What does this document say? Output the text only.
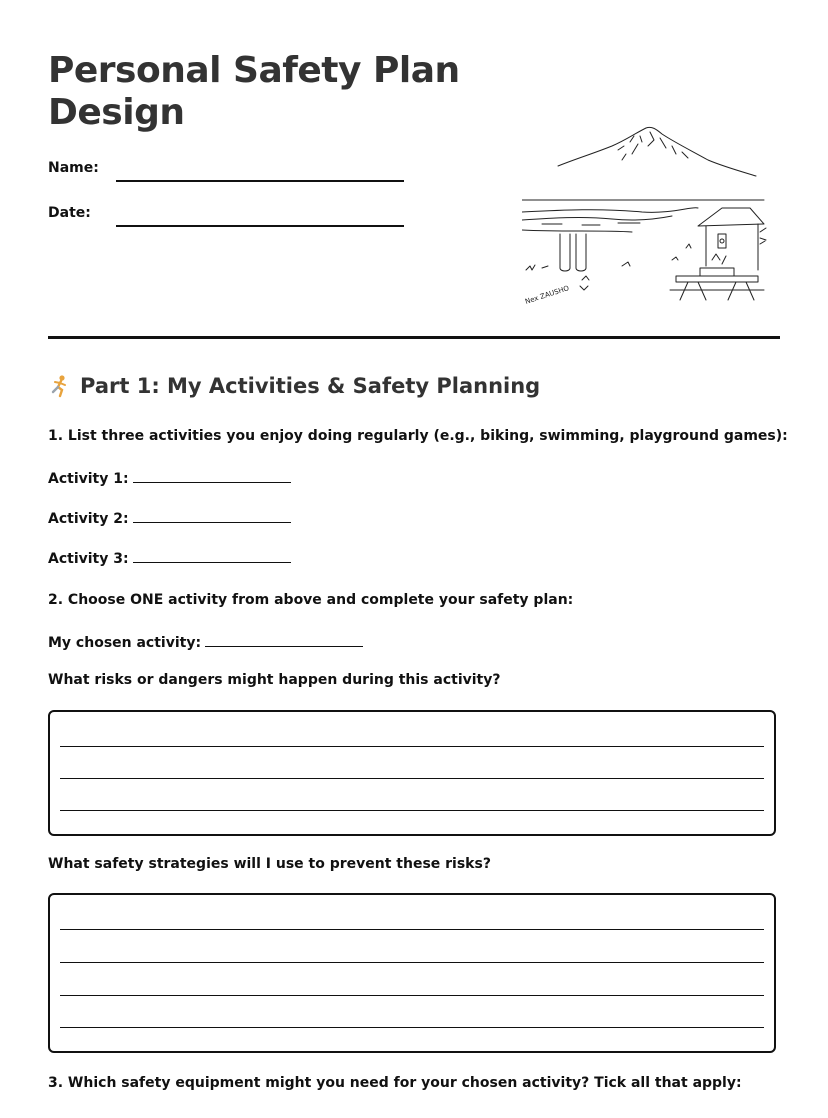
Personal Safety Plan Design
Name:
Date:
Nex ZAUSHO
Part 1: My Activities & Safety Planning
1. List three activities you enjoy doing regularly (e.g., biking, swimming, playground games):
Activity 1:
Activity 2:
Activity 3:
2. Choose ONE activity from above and complete your safety plan:
My chosen activity:
What risks or dangers might happen during this activity?
What safety strategies will I use to prevent these risks?
3. Which safety equipment might you need for your chosen activity? Tick all that apply:
